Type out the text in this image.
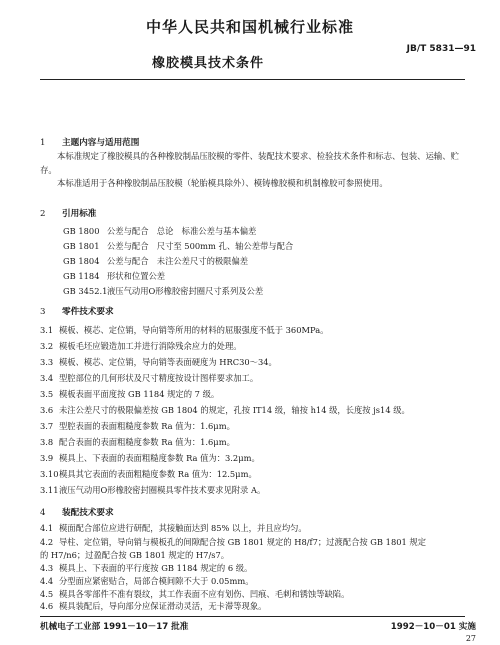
中华人民共和国机械行业标准
JB/T 5831—91
橡胶模具技术条件
1 主题内容与适用范围
本标准规定了橡胶模具的各种橡胶制品压胶模的零件、装配技术要求、检验技术条件和标志、包装、运输、贮存。
本标准适用于各种橡胶制品压胶模（轮胎模具除外）、模铸橡胶模和机制橡胶可参照使用。
2 引用标准
GB 1800 公差与配合　总论　标准公差与基本偏差
GB 1801 公差与配合　尺寸至 500mm 孔、轴公差带与配合
GB 1804 公差与配合　未注公差尺寸的极限偏差
GB 1184 形状和位置公差
GB 3452.1液压气动用O形橡胶密封圈尺寸系列及公差
3 零件技术要求
3.1 模板、模芯、定位销，导向销等所用的材料的屈服强度不低于 360MPa。
3.2 模板毛坯应锻造加工并进行消除残余应力的处理。
3.3 模板、模芯、定位销，导向销等表面硬度为 HRC30～34。
3.4 型腔部位的几何形状及尺寸精度按设计图样要求加工。
3.5 模板表面平面度按 GB 1184 规定的 7 级。
3.6 未注公差尺寸的极限偏差按 GB 1804 的规定，孔按 IT14 级，轴按 h14 级，长度按 js14 级。
3.7 型腔表面的表面粗糙度参数 Ra 值为：1.6μm。
3.8 配合表面的表面粗糙度参数 Ra 值为：1.6μm。
3.9 模具上、下表面的表面粗糙度参数 Ra 值为：3.2μm。
3.10模具其它表面的表面粗糙度参数 Ra 值为：12.5μm。
3.11液压气动用O形橡胶密封圈模具零件技术要求见附录 A。
4 装配技术要求
4.1 模面配合部位应进行研配，其接触面达到 85% 以上，并且应均匀。
4.2 导柱、定位销，导向销与模板孔的间隙配合按 GB 1801 规定的 H8/f7；过渡配合按 GB 1801 规定
的 H7/n6；过盈配合按 GB 1801 规定的 H7/s7。
4.3 模具上、下表面的平行度按 GB 1184 规定的 6 级。
4.4 分型面应紧密贴合，局部合模间隙不大于 0.05mm。
4.5 模具各零部件不准有裂纹，其工作表面不应有划伤、凹痕、毛刺和锈蚀等缺陷。
4.6 模具装配后，导向部分应保证滑动灵活，无卡滞等现象。
机械电子工业部 1991－10－17 批准	1992－10－01 实施
27
